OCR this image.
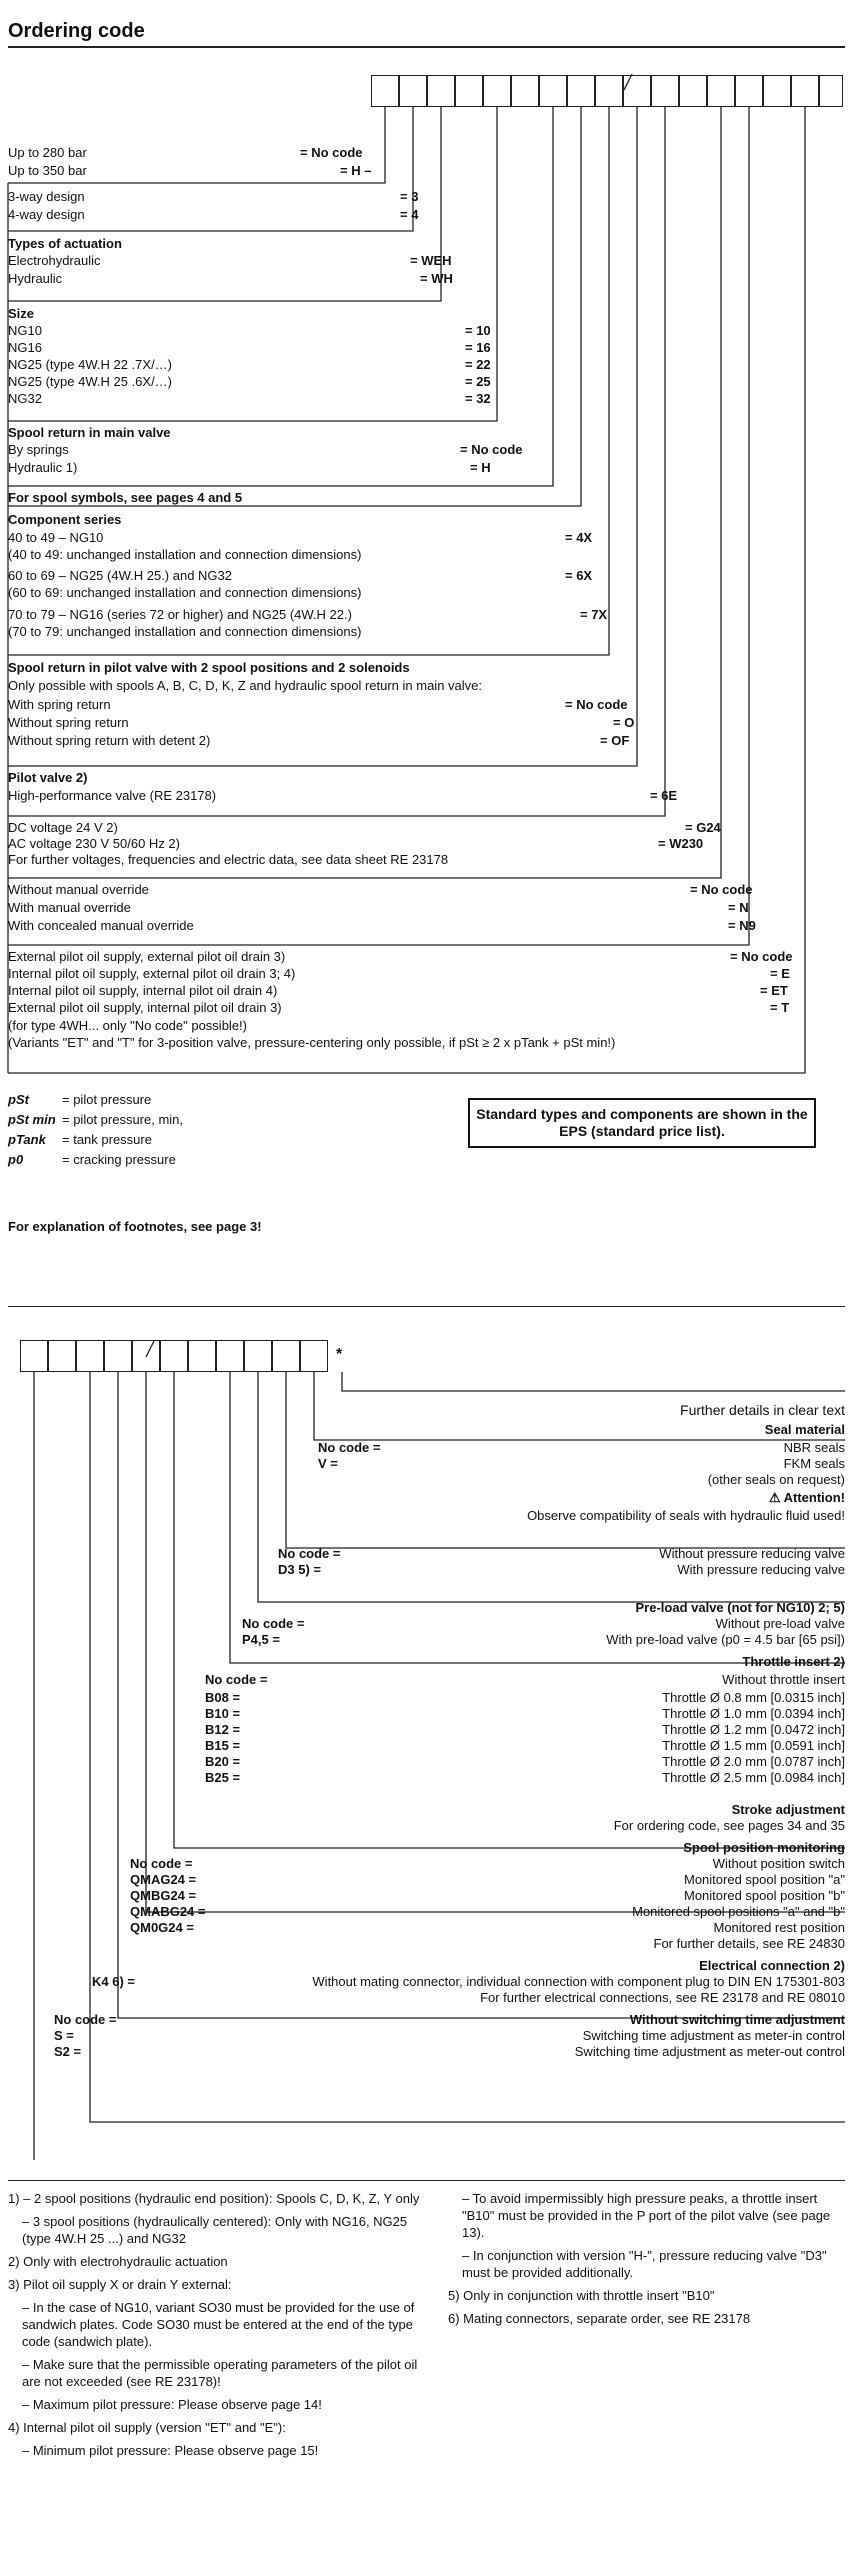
Ordering code
Up to 280 bar	= No code
Up to 350 bar	= H –
3-way design	= 3
4-way design	= 4
Types of actuation
Electrohydraulic	= WEH
Hydraulic	= WH
Size
NG10	= 10
NG16	= 16
NG25 (type 4W.H 22 .7X/…)	= 22
NG25 (type 4W.H 25 .6X/…)	= 25
NG32	= 32
Spool return in main valve
By springs	= No code
Hydraulic 1)	= H
For spool symbols, see pages 4 and 5
Component series
40 to 49 – NG10	= 4X
(40 to 49: unchanged installation and connection dimensions)
60 to 69 – NG25 (4W.H 25.) and NG32	= 6X
(60 to 69: unchanged installation and connection dimensions)
70 to 79 – NG16 (series 72 or higher) and NG25 (4W.H 22.)	= 7X
(70 to 79: unchanged installation and connection dimensions)
Spool return in pilot valve with 2 spool positions and 2 solenoids
Only possible with spools A, B, C, D, K, Z and hydraulic spool return in main valve:
With spring return	= No code
Without spring return	= O
Without spring return with detent 2)	= OF
Pilot valve 2)
High-performance valve (RE 23178)	= 6E
DC voltage 24 V 2)	= G24
AC voltage 230 V 50/60 Hz 2)	= W230
For further voltages, frequencies and electric data, see data sheet RE 23178
Without manual override	= No code
With manual override	= N
With concealed manual override	= N9
External pilot oil supply, external pilot oil drain 3)	= No code
Internal pilot oil supply, external pilot oil drain 3; 4)	= E
Internal pilot oil supply, internal pilot oil drain 4)	= ET
External pilot oil supply, internal pilot oil drain 3)	= T
(for type 4WH... only "No code" possible!)
(Variants "ET" and "T" for 3-position valve, pressure-centering only possible, if pSt ≥ 2 x pTank + pSt min!)
pSt	= pilot pressure
pSt min = pilot pressure, min,
pTank = tank pressure
p0	= cracking pressure
Standard types and components are shown in the EPS (standard price list).
For explanation of footnotes, see page 3!
*
Further details in clear text
Seal material
No code =	NBR seals
V =	FKM seals
(other seals on request)
⚠ Attention!
Observe compatibility of seals with hydraulic fluid used!
No code =	Without pressure reducing valve
D3 5) =	With pressure reducing valve
Pre-load valve (not for NG10) 2; 5)
No code =	Without pre-load valve
P4,5 =	With pre-load valve (p0 = 4.5 bar [65 psi])
Throttle insert 2)
No code =	Without throttle insert
B08 =	Throttle Ø 0.8 mm [0.0315 inch]
B10 =	Throttle Ø 1.0 mm [0.0394 inch]
B12 =	Throttle Ø 1.2 mm [0.0472 inch]
B15 =	Throttle Ø 1.5 mm [0.0591 inch]
B20 =	Throttle Ø 2.0 mm [0.0787 inch]
B25 =	Throttle Ø 2.5 mm [0.0984 inch]
Stroke adjustment
For ordering code, see pages 34 and 35
Spool position monitoring
No code =	Without position switch
QMAG24 =	Monitored spool position "a"
QMBG24 =	Monitored spool position "b"
QMABG24 =	Monitored spool positions "a" and "b"
QM0G24 =	Monitored rest position
For further details, see RE 24830
Electrical connection 2)
K4 6) =	Without mating connector, individual connection with component plug to DIN EN 175301-803
For further electrical connections, see RE 23178 and RE 08010
No code =	Without switching time adjustment
S =	Switching time adjustment as meter-in control
S2 =	Switching time adjustment as meter-out control
1) – 2 spool positions (hydraulic end position): Spools C, D, K, Z, Y only
– 3 spool positions (hydraulically centered): Only with NG16, NG25 (type 4W.H 25 ...) and NG32
2) Only with electrohydraulic actuation
3) Pilot oil supply X or drain Y external:
– In the case of NG10, variant SO30 must be provided for the use of sandwich plates. Code SO30 must be entered at the end of the type code (sandwich plate).
– Make sure that the permissible operating parameters of the pilot oil are not exceeded (see RE 23178)!
– Maximum pilot pressure: Please observe page 14!
4) Internal pilot oil supply (version "ET" and "E"):
– Minimum pilot pressure: Please observe page 15!
– To avoid impermissibly high pressure peaks, a throttle insert "B10" must be provided in the P port of the pilot valve (see page 13).
– In conjunction with version "H-", pressure reducing valve "D3" must be provided additionally.
5) Only in conjunction with throttle insert "B10"
6) Mating connectors, separate order, see RE 23178
